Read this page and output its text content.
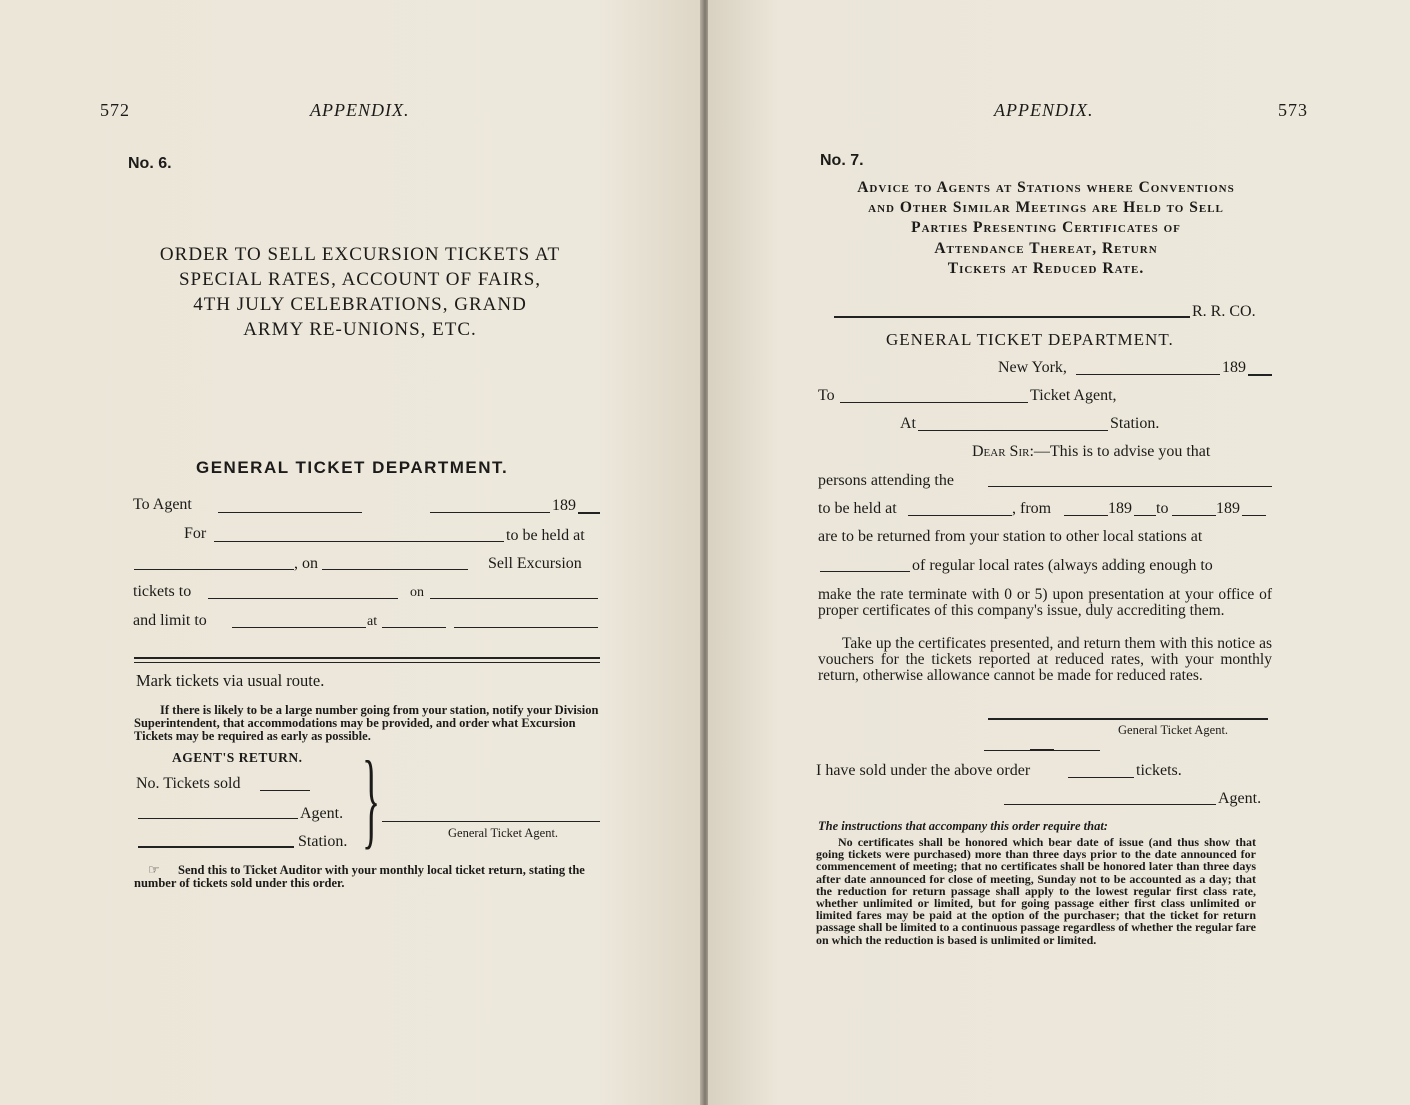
572	APPENDIX.
No. 6.
ORDER TO SELL EXCURSION TICKETS AT
SPECIAL RATES, ACCOUNT OF FAIRS,
4TH JULY CELEBRATIONS, GRAND
ARMY RE-UNIONS, ETC.
GENERAL TICKET DEPARTMENT.
To Agent	189
For	to be held at
, on	Sell Excursion
tickets to	on
and limit to	at
Mark tickets via usual route.
If there is likely to be a large number going from your station, notify your Division Superintendent, that accommodations may be provided, and order what Excursion Tickets may be required as early as possible.
AGENT'S RETURN.
No. Tickets sold
Agent.
Station. }	General Ticket Agent.
☞	Send this to Ticket Auditor with your monthly local ticket return, stating the number of tickets sold under this order.
APPENDIX.	573
No. 7.
Advice to Agents at Stations where Conventions
and Other Similar Meetings are Held to Sell
Parties Presenting Certificates of
Attendance Thereat, Return
Tickets at Reduced Rate.
R. R. CO.
GENERAL TICKET DEPARTMENT.
New York,	189
To	Ticket Agent,
At	Station.
Dear Sir:—This is to advise you that
persons attending the
to be held at	, from	189 to	189
are to be returned from your station to other local stations at
of regular local rates (always adding enough to
make the rate terminate with 0 or 5) upon presentation at your office of proper certificates of this company's issue, duly accrediting them.
Take up the certificates presented, and return them with this notice as vouchers for the tickets reported at reduced rates, with your monthly return, otherwise allowance cannot be made for reduced rates.
General Ticket Agent.
I have sold under the above order	tickets.
Agent.
The instructions that accompany this order require that:
No certificates shall be honored which bear date of issue (and thus show that going tickets were purchased) more than three days prior to the date announced for commencement of meeting; that no certificates shall be honored later than three days after date announced for close of meeting, Sunday not to be accounted as a day; that the reduction for return passage shall apply to the lowest regular first class rate, whether unlimited or limited, but for going passage either first class unlimited or limited fares may be paid at the option of the purchaser; that the ticket for return passage shall be limited to a continuous passage regardless of whether the regular fare on which the reduction is based is unlimited or limited.
